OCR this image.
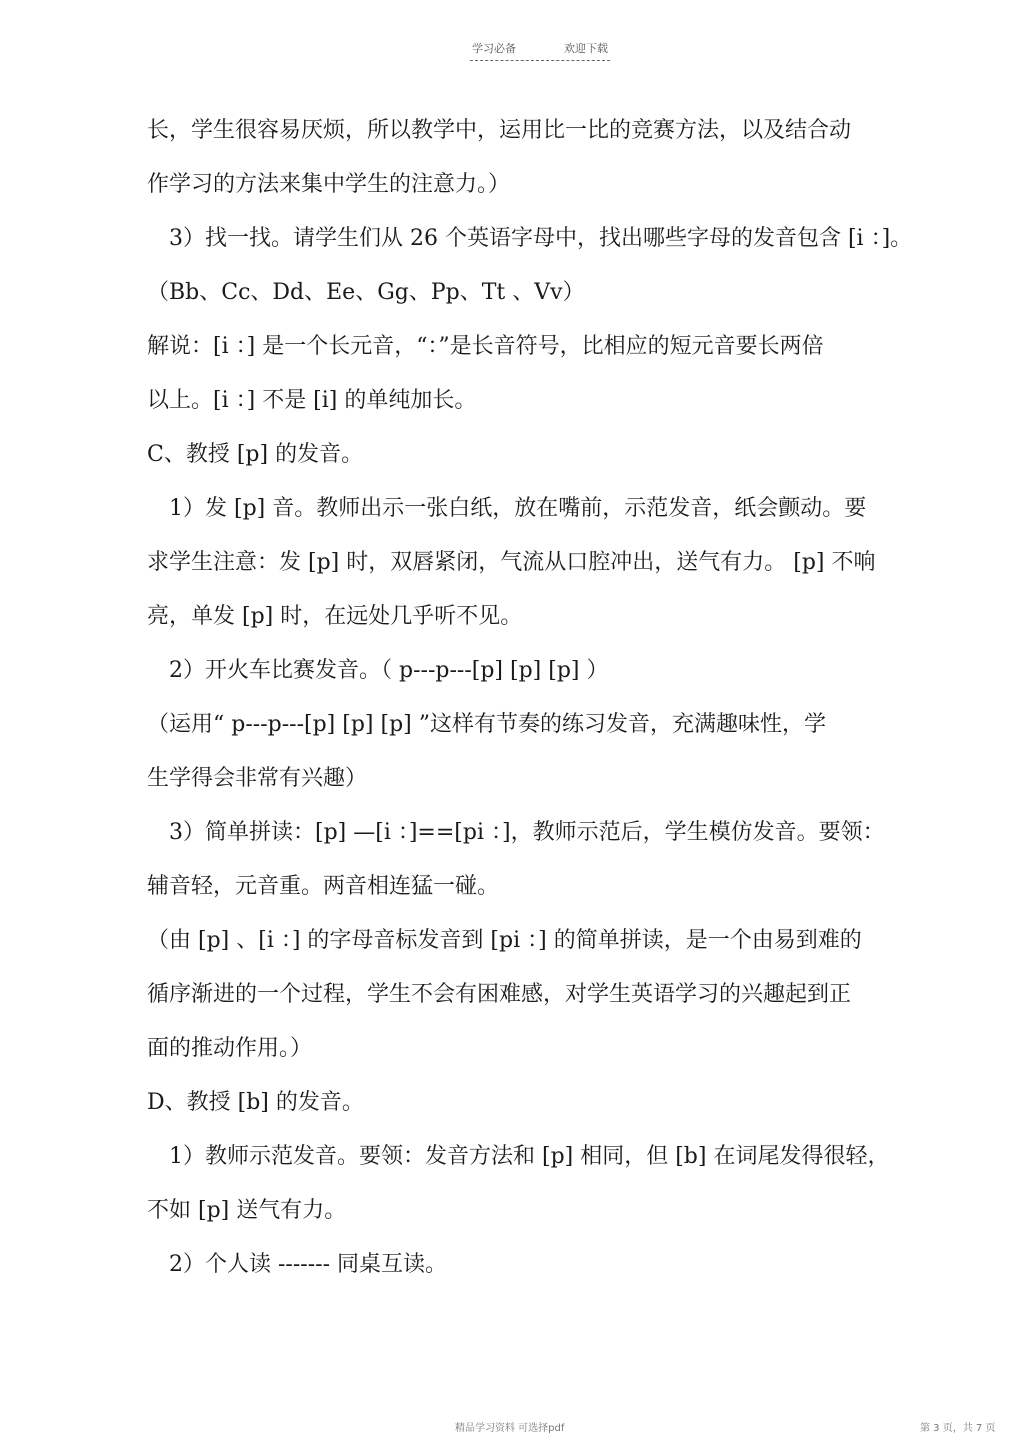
学习必备	欢迎下载
长，学生很容易厌烦，所以教学中，运用比一比的竞赛方法，以及结合动
作学习的方法来集中学生的注意力。）
3）找一找。请学生们从 26 个英语字母中，找出哪些字母的发音包含 [i ：]。
（Bb、Cc、Dd、Ee、Gg、Pp、Tt 、Vv）
解说：[i ：] 是一个长元音，“：”是长音符号，比相应的短元音要长两倍
以上。[i ：] 不是 [i] 的单纯加长。
C、教授 [p] 的发音。
1）发 [p] 音。教师出示一张白纸，放在嘴前，示范发音，纸会颤动。要
求学生注意：发 [p] 时，双唇紧闭，气流从口腔冲出，送气有力。 [p] 不响
亮，单发 [p] 时，在远处几乎听不见。
2）开火车比赛发音。（ p---p---[p] [p] [p] ）
（运用“ p---p---[p] [p] [p] ”这样有节奏的练习发音，充满趣味性，学
生学得会非常有兴趣）
3）简单拼读：[p] —[i ：]==[pi ：]，教师示范后，学生模仿发音。要领：
辅音轻，元音重。两音相连猛一碰。
（由 [p] 、[i ：] 的字母音标发音到 [pi ：] 的简单拼读，是一个由易到难的
循序渐进的一个过程，学生不会有困难感，对学生英语学习的兴趣起到正
面的推动作用。）
D、教授 [b] 的发音。
1）教师示范发音。要领：发音方法和 [p] 相同，但 [b] 在词尾发得很轻，
不如 [p] 送气有力。
2）个人读 ------- 同桌互读。
精品学习资料 可选择pdf	第 3 页，共 7 页
